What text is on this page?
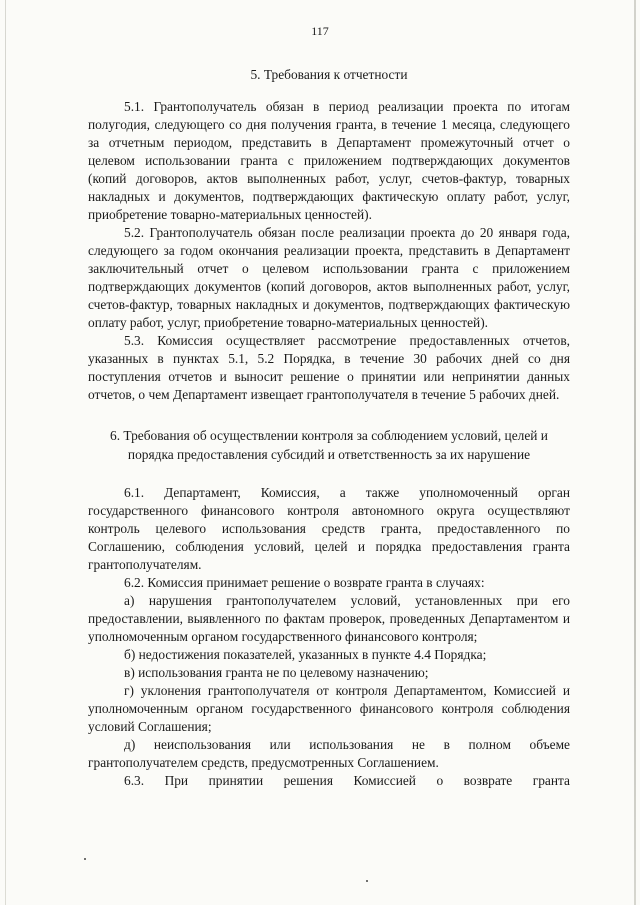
117

5. Требования к отчетности

5.1. Грантополучатель обязан в период реализации проекта по итогам полугодия, следующего со дня получения гранта, в течение 1 месяца, следующего за отчетным периодом, представить в Департамент промежуточный отчет о целевом использовании гранта с приложением подтверждающих документов (копий договоров, актов выполненных работ, услуг, счетов-фактур, товарных накладных и документов, подтверждающих фактическую оплату работ, услуг, приобретение товарно-материальных ценностей).

5.2. Грантополучатель обязан после реализации проекта до 20 января года, следующего за годом окончания реализации проекта, представить в Департамент заключительный отчет о целевом использовании гранта с приложением подтверждающих документов (копий договоров, актов выполненных работ, услуг, счетов-фактур, товарных накладных и документов, подтверждающих фактическую оплату работ, услуг, приобретение товарно-материальных ценностей).

5.3. Комиссия осуществляет рассмотрение предоставленных отчетов, указанных в пунктах 5.1, 5.2 Порядка, в течение 30 рабочих дней со дня поступления отчетов и выносит решение о принятии или непринятии данных отчетов, о чем Департамент извещает грантополучателя в течение 5 рабочих дней.

6. Требования об осуществлении контроля за соблюдением условий, целей и порядка предоставления субсидий и ответственность за их нарушение

6.1. Департамент, Комиссия, а также уполномоченный орган государственного финансового контроля автономного округа осуществляют контроль целевого использования средств гранта, предоставленного по Соглашению, соблюдения условий, целей и порядка предоставления гранта грантополучателям.

6.2. Комиссия принимает решение о возврате гранта в случаях:

а) нарушения грантополучателем условий, установленных при его предоставлении, выявленного по фактам проверок, проведенных Департаментом и уполномоченным органом государственного финансового контроля;

б) недостижения показателей, указанных в пункте 4.4 Порядка;

в) использования гранта не по целевому назначению;

г) уклонения грантополучателя от контроля Департаментом, Комиссией и уполномоченным органом государственного финансового контроля соблюдения условий Соглашения;

д) неиспользования или использования не в полном объеме грантополучателем средств, предусмотренных Соглашением.

6.3. При принятии решения Комиссией о возврате гранта
